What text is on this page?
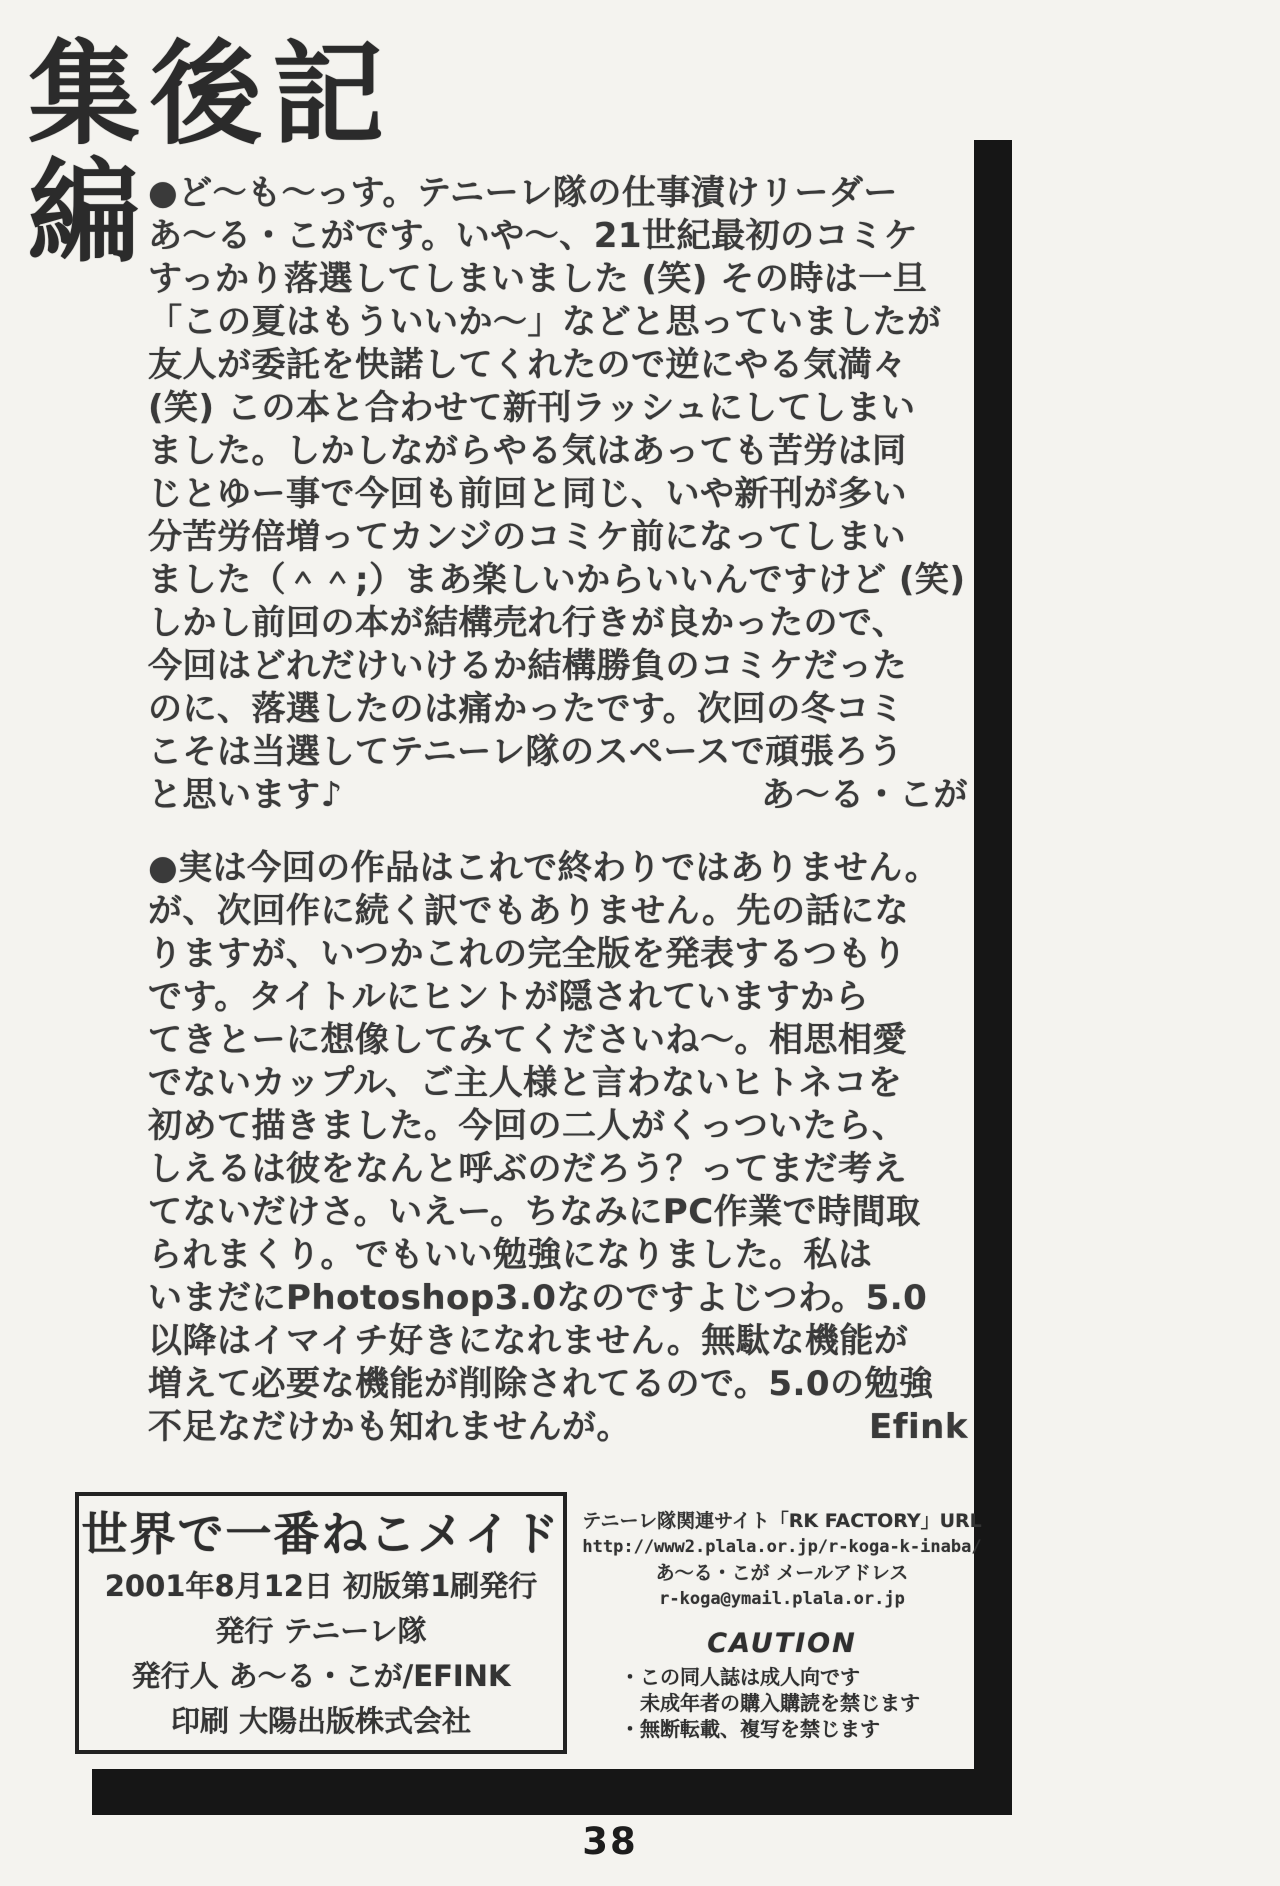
集後記
編
●ど〜も〜っす。テニーレ隊の仕事漬けリーダー
あ〜る・こがです。いや〜、21世紀最初のコミケ
すっかり落選してしまいました (笑) その時は一旦
「この夏はもういいか〜」などと思っていましたが
友人が委託を快諾してくれたので逆にやる気満々
(笑) この本と合わせて新刊ラッシュにしてしまい
ました。しかしながらやる気はあっても苦労は同
じとゆー事で今回も前回と同じ、いや新刊が多い
分苦労倍増ってカンジのコミケ前になってしまい
ました（＾＾;）まあ楽しいからいいんですけど (笑)
しかし前回の本が結構売れ行きが良かったので、
今回はどれだけいけるか結構勝負のコミケだった
のに、落選したのは痛かったです。次回の冬コミ
こそは当選してテニーレ隊のスペースで頑張ろう
と思います♪	あ〜る・こが
●実は今回の作品はこれで終わりではありません。
が、次回作に続く訳でもありません。先の話にな
りますが、いつかこれの完全版を発表するつもり
です。タイトルにヒントが隠されていますから
てきとーに想像してみてくださいね〜。相思相愛
でないカップル、ご主人様と言わないヒトネコを
初めて描きました。今回の二人がくっついたら、
しえるは彼をなんと呼ぶのだろう？ってまだ考え
てないだけさ。いえー。ちなみにPC作業で時間取
られまくり。でもいい勉強になりました。私は
いまだにPhotoshop3.0なのですよじつわ。5.0
以降はイマイチ好きになれません。無駄な機能が
増えて必要な機能が削除されてるので。5.0の勉強
不足なだけかも知れませんが。	Efink
世界で一番ねこメイド
2001年8月12日 初版第1刷発行
発行 テニーレ隊
発行人 あ〜る・こが/EFINK
印刷 大陽出版株式会社
テニーレ隊関連サイト「RK FACTORY」URL
http://www2.plala.or.jp/r-koga-k-inaba/
あ〜る・こが メールアドレス
r-koga@ymail.plala.or.jp
CAUTION
・この同人誌は成人向です
　未成年者の購入購読を禁じます
・無断転載、複写を禁じます
38
